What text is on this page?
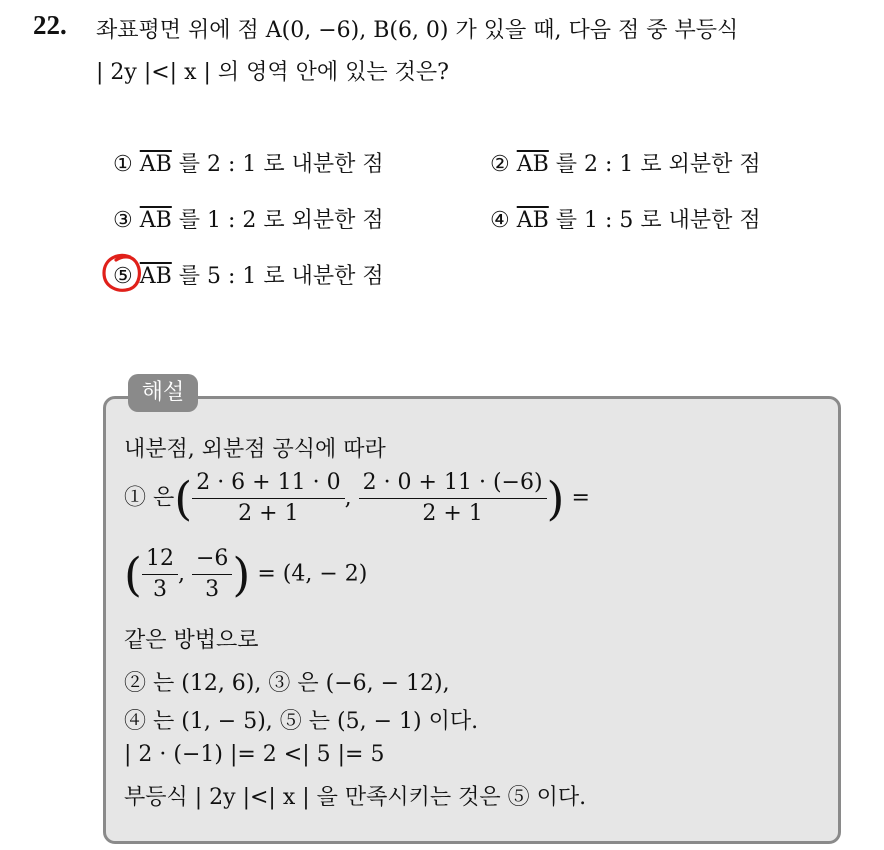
22. 좌표평면 위에 점 A(0, −6), B(6, 0) 가 있을 때, 다음 점 중 부등식
| 2y |<| x | 의 영역 안에 있는 것은?
① $\overline{AB}$ 를 2 : 1 로 내분한 점	② $\overline{AB}$ 를 2 : 1 로 외분한 점
③ $\overline{AB}$ 를 1 : 2 로 외분한 점	④ $\overline{AB}$ 를 1 : 5 로 내분한 점
⑤ $\overline{AB}$ 를 5 : 1 로 내분한 점
해설
내분점, 외분점 공식에 따라
① 은( $\frac{2 \cdot 6 + 11 \cdot 0}{2 + 1}$ , $\frac{2 \cdot 0 + 11 \cdot (-6)}{2 + 1}$ ) =
( $\frac{12}{3}$ , $\frac{-6}{3}$ ) = (4, − 2)
같은 방법으로
② 는 (12, 6), ③ 은 (−6, − 12),
④ 는 (1, − 5), ⑤ 는 (5, − 1) 이다.
| 2 · (−1) |= 2 <| 5 |= 5
부등식 | 2y |<| x | 을 만족시키는 것은 ⑤ 이다.
